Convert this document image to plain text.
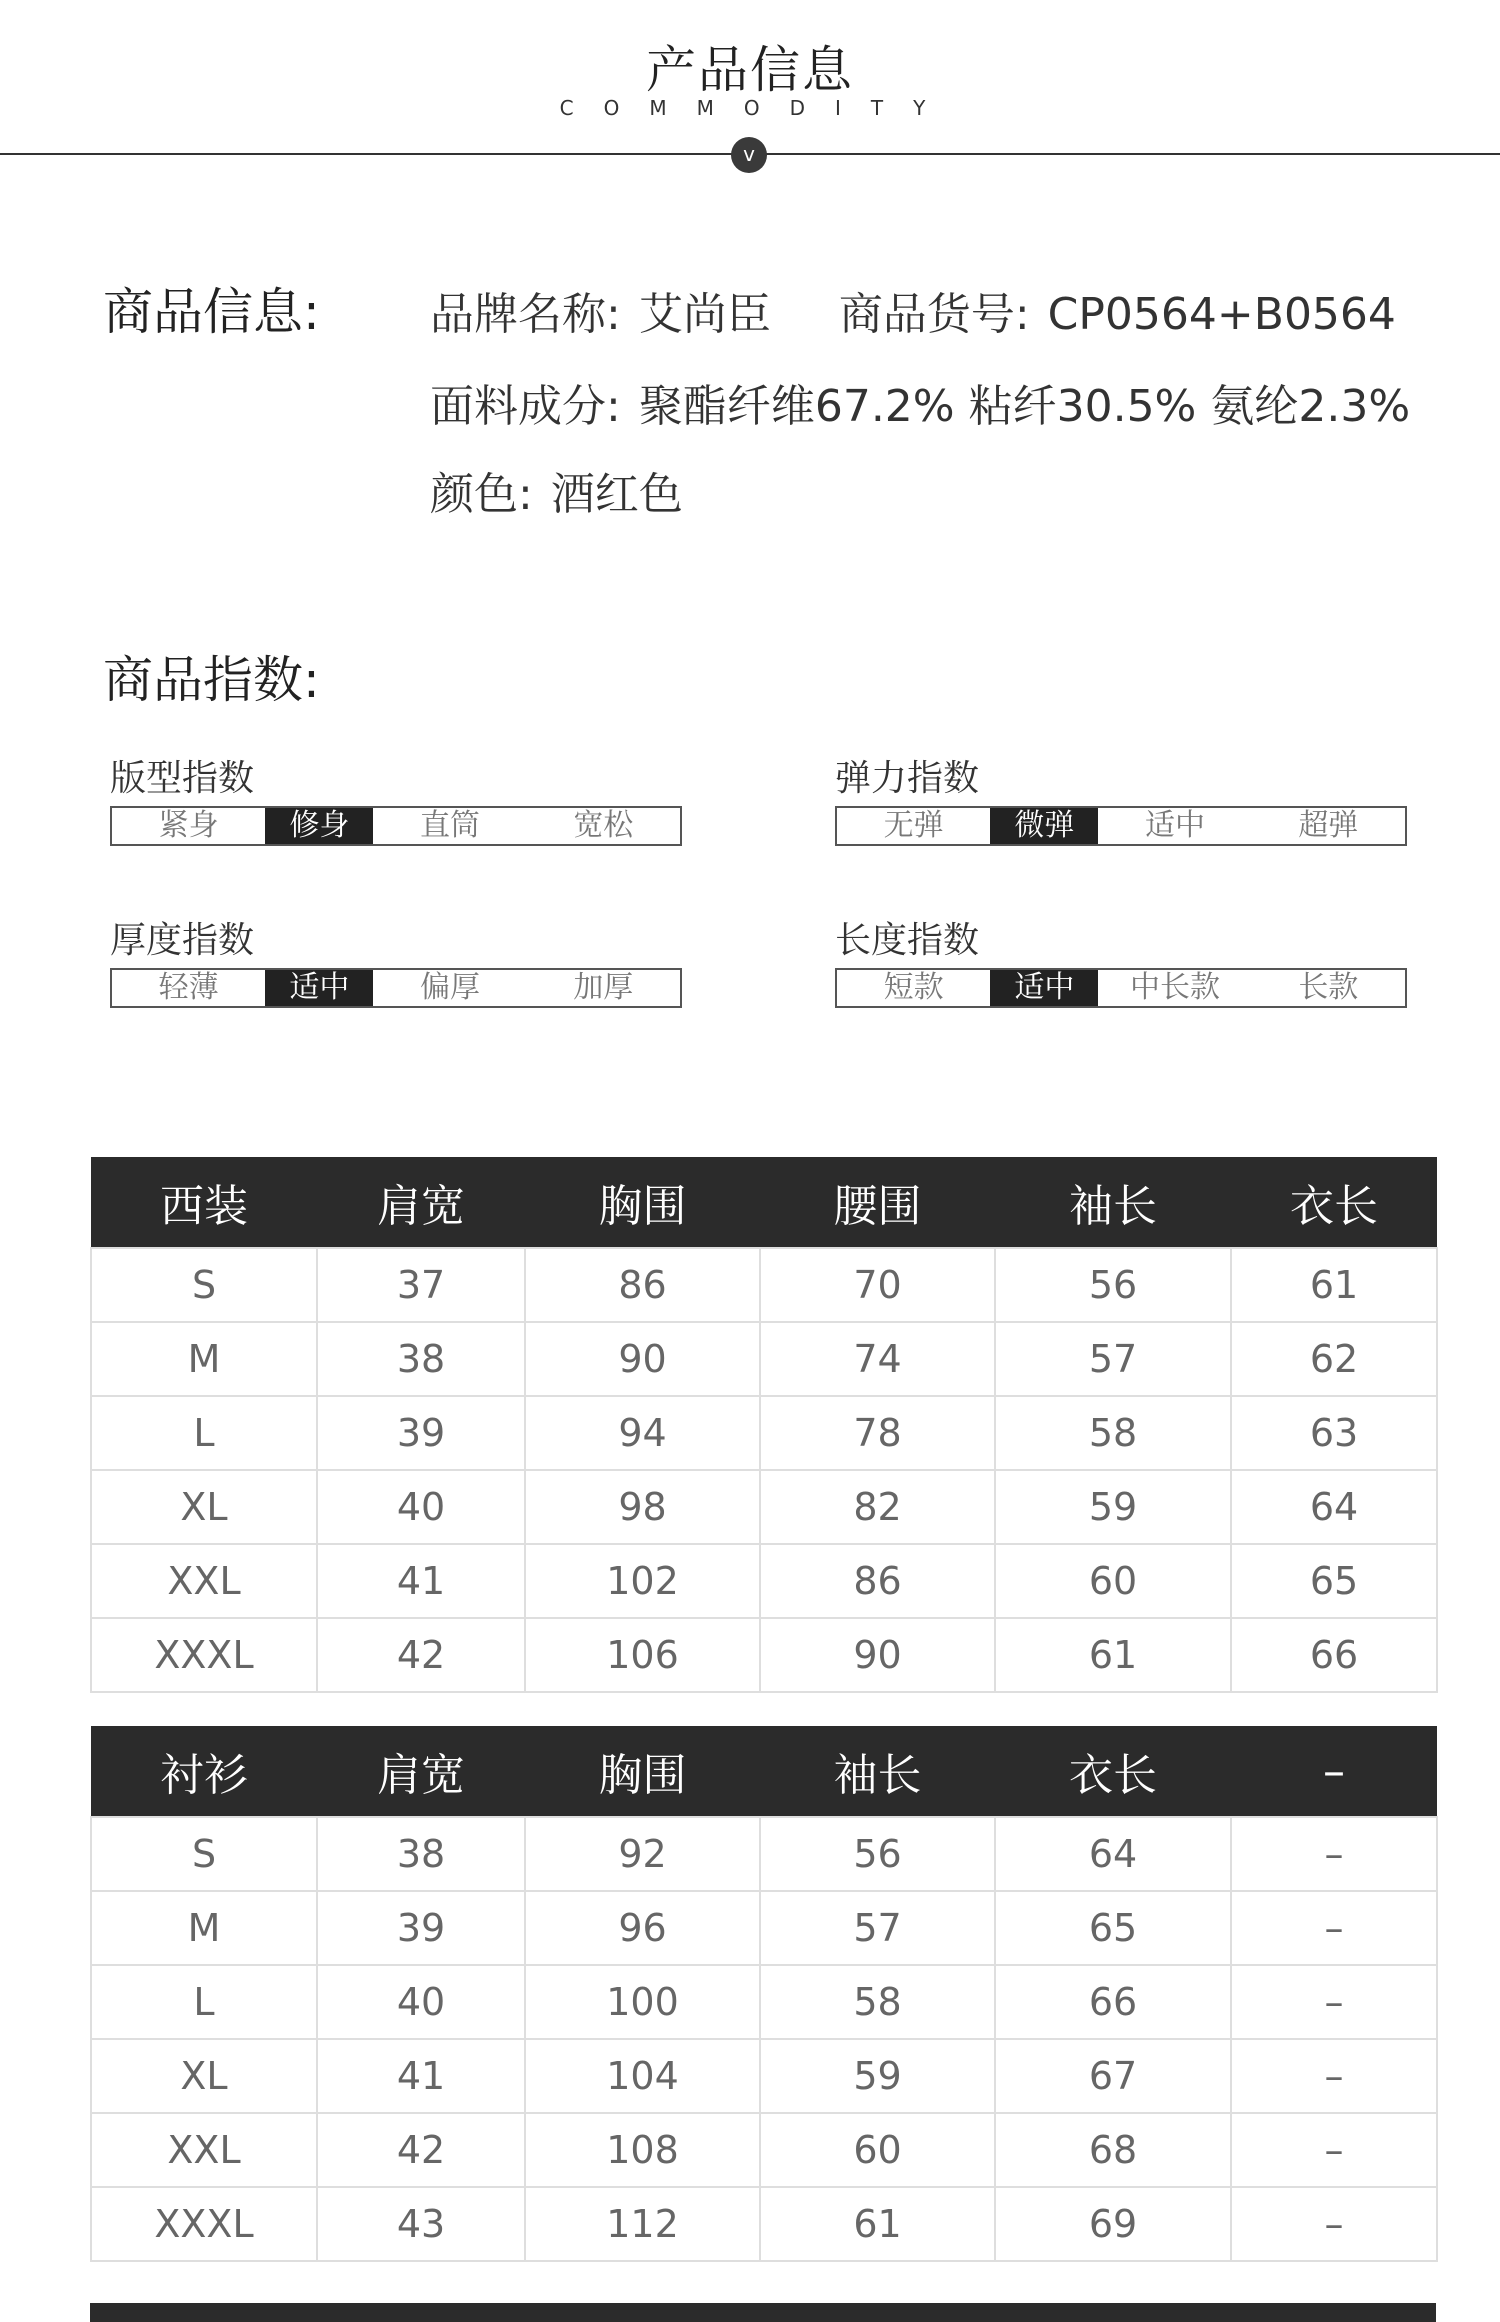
产品信息
COMMODITY
v
商品信息:	品牌名称: 艾尚臣 商品货号: CP0564+B0564
面料成分: 聚酯纤维67.2% 粘纤30.5% 氨纶2.3%
颜色: 酒红色
商品指数:
版型指数
紧身	修身	直筒	宽松
弹力指数
无弹	微弹	适中	超弹
厚度指数
轻薄	适中	偏厚	加厚
长度指数
短款	适中	中长款	长款
西装	肩宽	胸围	腰围	袖长	衣长
S	37	86	70	56	61
M	38	90	74	57	62
L	39	94	78	58	63
XL	40	98	82	59	64
XXL	41	102	86	60	65
XXXL	42	106	90	61	66
衬衫	肩宽	胸围	袖长	衣长	–
S	38	92	56	64	–
M	39	96	57	65	–
L	40	100	58	66	–
XL	41	104	59	67	–
XXL	42	108	60	68	–
XXXL	43	112	61	69	–
